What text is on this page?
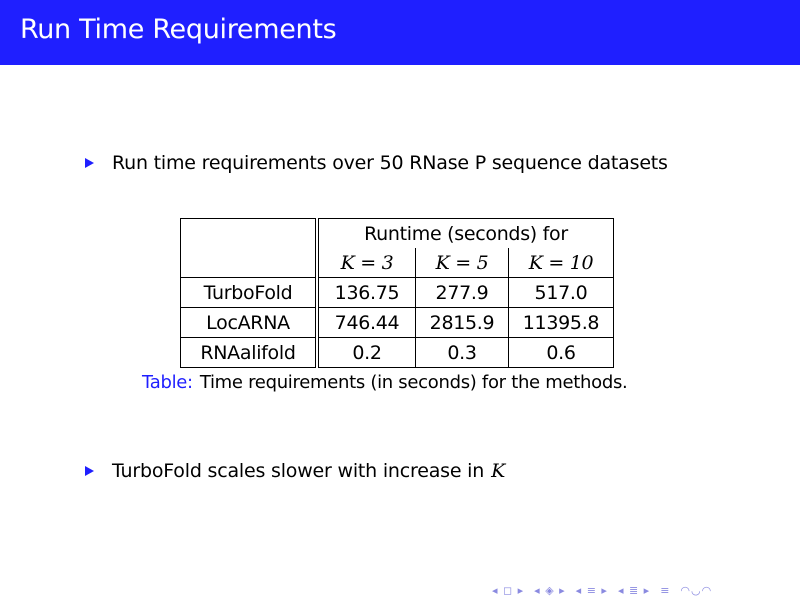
Run Time Requirements
Run time requirements over 50 RNase P sequence datasets
	Runtime (seconds) for		
	K = 3	K = 5	K = 10
TurboFold	136.75	277.9	517.0
LocARNA	746.44	2815.9	11395.8
RNAalifold	0.2	0.3	0.6
Table: Time requirements (in seconds) for the methods.
TurboFold scales slower with increase in K
◂ ◻ ▸ ◂ ◈ ▸ ◂ ≡ ▸ ◂ ≣ ▸ ≡ ◠◡◠
